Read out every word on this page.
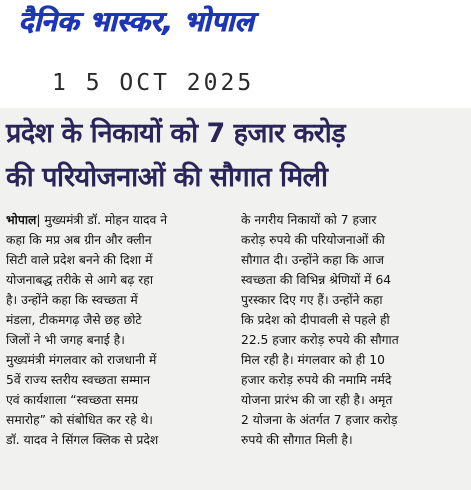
दैनिक भास्कर, भोपाल
1 5 OCT 2025
प्रदेश के निकायों को 7 हजार करोड़
की परियोजनाओं की सौगात मिली
भोपाल| मुख्यमंत्री डॉ. मोहन यादव ने
कहा कि मप्र अब ग्रीन और क्लीन
सिटी वाले प्रदेश बनने की दिशा में
योजनाबद्ध तरीके से आगे बढ़ रहा
है। उन्होंने कहा कि स्वच्छता में
मंडला, टीकमगढ़ जैसे छह छोटे
जिलों ने भी जगह बनाई है।
मुख्यमंत्री मंगलवार को राजधानी में
5वें राज्य स्तरीय स्वच्छता सम्मान
एवं कार्यशाला “स्वच्छता समग्र
समारोह” को संबोधित कर रहे थे।
डॉ. यादव ने सिंगल क्लिक से प्रदेश
के नगरीय निकायों को 7 हजार
करोड़ रुपये की परियोजनाओं की
सौगात दी। उन्होंने कहा कि आज
स्वच्छता की विभिन्न श्रेणियों में 64
पुरस्कार दिए गए हैं। उन्होंने कहा
कि प्रदेश को दीपावली से पहले ही
22.5 हजार करोड़ रुपये की सौगात
मिल रही है। मंगलवार को ही 10
हजार करोड़ रुपये की नमामि नर्मदे
योजना प्रारंभ की जा रही है। अमृत
2 योजना के अंतर्गत 7 हजार करोड़
रुपये की सौगात मिली है।
